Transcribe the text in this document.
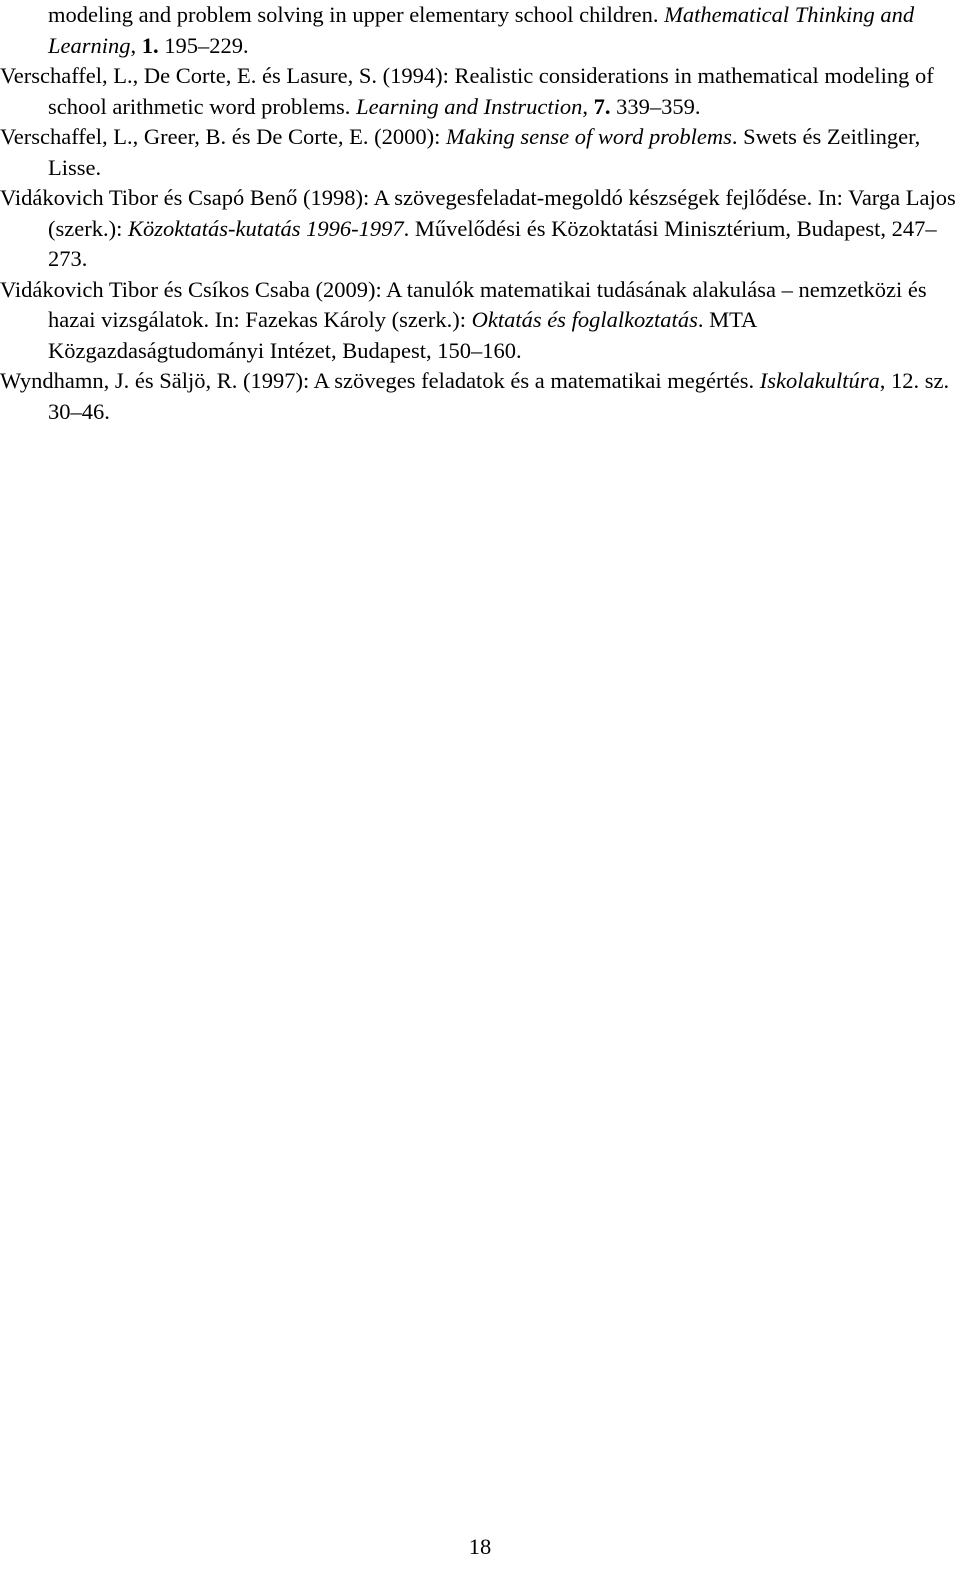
modeling and problem solving in upper elementary school children. Mathematical Thinking and Learning, 1. 195–229.

Verschaffel, L., De Corte, E. és Lasure, S. (1994): Realistic considerations in mathematical modeling of school arithmetic word problems. Learning and Instruction, 7. 339–359.

Verschaffel, L., Greer, B. és De Corte, E. (2000): Making sense of word problems. Swets és Zeitlinger, Lisse.

Vidákovich Tibor és Csapó Benő (1998): A szövegesfeladat-megoldó készségek fejlődése. In: Varga Lajos (szerk.): Közoktatás-kutatás 1996-1997. Művelődési és Közoktatási Minisztérium, Budapest, 247–273.

Vidákovich Tibor és Csíkos Csaba (2009): A tanulók matematikai tudásának alakulása – nemzetközi és hazai vizsgálatok. In: Fazekas Károly (szerk.): Oktatás és foglalkoztatás. MTA Közgazdaságtudományi Intézet, Budapest, 150–160.

Wyndhamn, J. és Säljö, R. (1997): A szöveges feladatok és a matematikai megértés. Iskolakultúra, 12. sz. 30–46.

18
